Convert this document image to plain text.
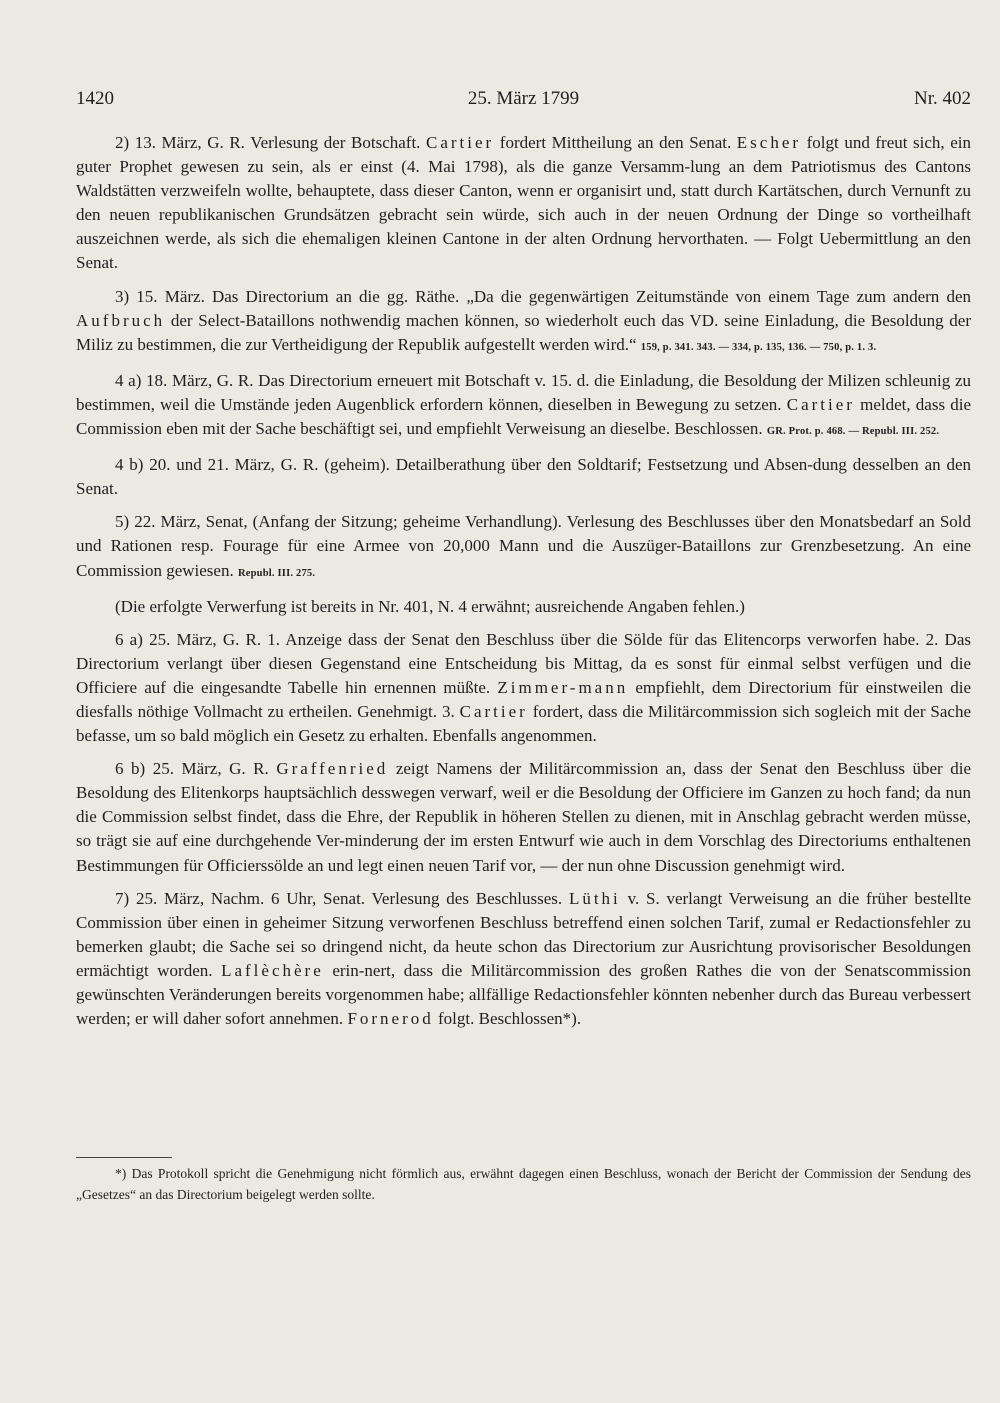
1420	25. März 1799	Nr. 402

2) 13. März, G. R. Verlesung der Botschaft. Cartier fordert Mittheilung an den Senat. Escher folgt und freut sich, ein guter Prophet gewesen zu sein, als er einst (4. Mai 1798), als die ganze Versamm-lung an dem Patriotismus des Cantons Waldstätten verzweifeln wollte, behauptete, dass dieser Canton, wenn er organisirt und, statt durch Kartätschen, durch Vernunft zu den neuen republikanischen Grundsätzen gebracht sein würde, sich auch in der neuen Ordnung der Dinge so vortheilhaft auszeichnen werde, als sich die ehemaligen kleinen Cantone in der alten Ordnung hervorthaten. — Folgt Uebermittlung an den Senat.

3) 15. März. Das Directorium an die gg. Räthe. „Da die gegenwärtigen Zeitumstände von einem Tage zum andern den Aufbruch der Select-Bataillons nothwendig machen können, so wiederholt euch das VD. seine Einladung, die Besoldung der Miliz zu bestimmen, die zur Vertheidigung der Republik aufgestellt werden wird.“ 159, p. 341. 343. — 334, p. 135, 136. — 750, p. 1. 3.

4 a) 18. März, G. R. Das Directorium erneuert mit Botschaft v. 15. d. die Einladung, die Besoldung der Milizen schleunig zu bestimmen, weil die Umstände jeden Augenblick erfordern können, dieselben in Bewegung zu setzen. Cartier meldet, dass die Commission eben mit der Sache beschäftigt sei, und empfiehlt Verweisung an dieselbe. Beschlossen. GR. Prot. p. 468. — Republ. III. 252.

4 b) 20. und 21. März, G. R. (geheim). Detailberathung über den Soldtarif; Festsetzung und Absen-dung desselben an den Senat.

5) 22. März, Senat, (Anfang der Sitzung; geheime Verhandlung). Verlesung des Beschlusses über den Monatsbedarf an Sold und Rationen resp. Fourage für eine Armee von 20,000 Mann und die Auszüger-Bataillons zur Grenzbesetzung. An eine Commission gewiesen. Republ. III. 275.

(Die erfolgte Verwerfung ist bereits in Nr. 401, N. 4 erwähnt; ausreichende Angaben fehlen.)

6 a) 25. März, G. R. 1. Anzeige dass der Senat den Beschluss über die Sölde für das Elitencorps verworfen habe. 2. Das Directorium verlangt über diesen Gegenstand eine Entscheidung bis Mittag, da es sonst für einmal selbst verfügen und die Officiere auf die eingesandte Tabelle hin ernennen müßte. Zimmer-mann empfiehlt, dem Directorium für einstweilen die diesfalls nöthige Vollmacht zu ertheilen. Genehmigt. 3. Cartier fordert, dass die Militärcommission sich sogleich mit der Sache befasse, um so bald möglich ein Gesetz zu erhalten. Ebenfalls angenommen.

6 b) 25. März, G. R. Graffenried zeigt Namens der Militärcommission an, dass der Senat den Beschluss über die Besoldung des Elitenkorps hauptsächlich desswegen verwarf, weil er die Besoldung der Officiere im Ganzen zu hoch fand; da nun die Commission selbst findet, dass die Ehre, der Republik in höheren Stellen zu dienen, mit in Anschlag gebracht werden müsse, so trägt sie auf eine durchgehende Ver-minderung der im ersten Entwurf wie auch in dem Vorschlag des Directoriums enthaltenen Bestimmungen für Officierssölde an und legt einen neuen Tarif vor, — der nun ohne Discussion genehmigt wird.

7) 25. März, Nachm. 6 Uhr, Senat. Verlesung des Beschlusses. Lüthi v. S. verlangt Verweisung an die früher bestellte Commission über einen in geheimer Sitzung verworfenen Beschluss betreffend einen solchen Tarif, zumal er Redactionsfehler zu bemerken glaubt; die Sache sei so dringend nicht, da heute schon das Directorium zur Ausrichtung provisorischer Besoldungen ermächtigt worden. Laflèchère erin-nert, dass die Militärcommission des großen Rathes die von der Senatscommission gewünschten Veränderungen bereits vorgenommen habe; allfällige Redactionsfehler könnten nebenher durch das Bureau verbessert werden; er will daher sofort annehmen. Fornerod folgt. Beschlossen*).

*) Das Protokoll spricht die Genehmigung nicht förmlich aus, erwähnt dagegen einen Beschluss, wonach der Bericht der Commission der Sendung des „Gesetzes“ an das Directorium beigelegt werden sollte.
